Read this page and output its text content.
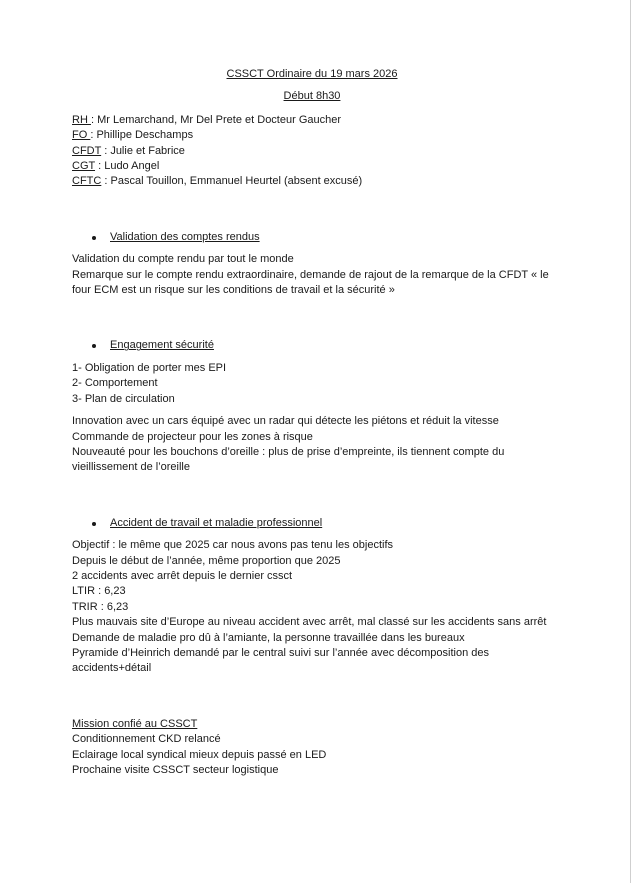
CSSCT Ordinaire du 19 mars 2026
Début 8h30
RH : Mr Lemarchand, Mr Del Prete et Docteur Gaucher
FO : Phillipe Deschamps
CFDT : Julie et Fabrice
CGT : Ludo Angel
CFTC : Pascal Touillon, Emmanuel Heurtel (absent excusé)
Validation des comptes rendus
Validation du compte rendu par tout le monde
Remarque sur le compte rendu extraordinaire, demande de rajout de la remarque de la CFDT « le
four ECM est un risque sur les conditions de travail et la sécurité »
Engagement sécurité
1- Obligation de porter mes EPI
2- Comportement
3- Plan de circulation
Innovation avec un cars équipé avec un radar qui détecte les piétons et réduit la vitesse
Commande de projecteur pour les zones à risque
Nouveauté pour les bouchons d’oreille : plus de prise d’empreinte, ils tiennent compte du
vieillissement de l’oreille
Accident de travail et maladie professionnel
Objectif : le même que 2025 car nous avons pas tenu les objectifs
Depuis le début de l’année, même proportion que 2025
2 accidents avec arrêt depuis le dernier cssct
LTIR : 6,23
TRIR : 6,23
Plus mauvais site d’Europe au niveau accident avec arrêt, mal classé sur les accidents sans arrêt
Demande de maladie pro dû à l’amiante, la personne travaillée dans les bureaux
Pyramide d’Heinrich demandé par le central suivi sur l’année avec décomposition des
accidents+détail
Mission confié au CSSCT
Conditionnement CKD relancé
Eclairage local syndical mieux depuis passé en LED
Prochaine visite CSSCT secteur logistique
